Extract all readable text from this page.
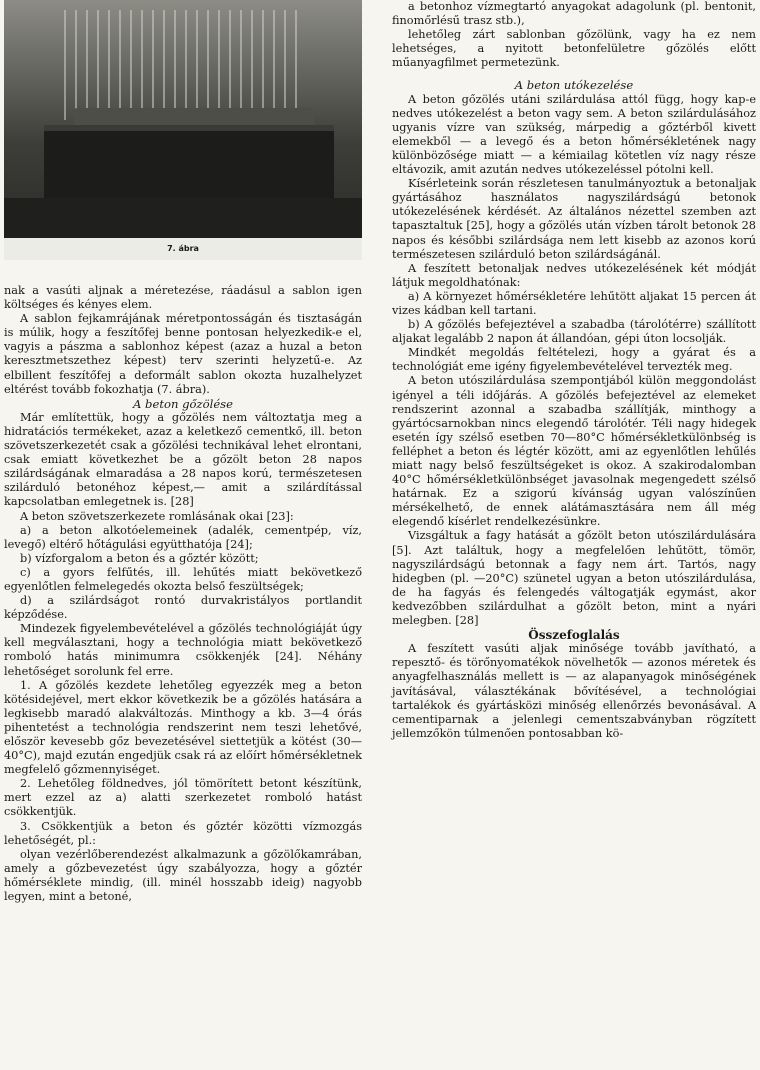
7. ábra

nak a vasúti aljnak a méretezése, ráadásul a sablon igen költséges és kényes elem.

A sablon fejkamrájának méretpontosságán és tisztaságán is múlik, hogy a feszítőfej benne pontosan helyezkedik-e el, vagyis a pászma a sablonhoz képest (azaz a huzal a beton keresztmetszethez képest) terv szerinti helyzetű-e. Az elbillent feszítőfej a deformált sablon okozta huzalhelyzet eltérést tovább fokozhatja (7. ábra).

A beton gőzölése

Már említettük, hogy a gőzölés nem változtatja meg a hidratációs termékeket, azaz a keletkező cementkő, ill. beton szövetszerkezetét csak a gőzölési technikával lehet elrontani, csak emiatt következhet be a gőzölt beton 28 napos szilárdságának elmaradása a 28 napos korú, természetesen szilárduló betonéhoz képest,— amit a szilárdítással kapcsolatban emlegetnek is. [28]

A beton szövetszerkezete romlásának okai [23]:

a) a beton alkotóelemeinek (adalék, cementpép, víz, levegő) eltérő hőtágulási együtthatója [24];

b) vízforgalom a beton és a gőztér között;

c) a gyors felfűtés, ill. lehűtés miatt bekövetkező egyenlőtlen felmelegedés okozta belső feszültségek;

d) a szilárdságot rontó durvakristályos portlandit képződése.

Mindezek figyelembevételével a gőzölés technológiáját úgy kell megválasztani, hogy a technológia miatt bekövetkező romboló hatás minimumra csökkenjék [24]. Néhány lehetőséget sorolunk fel erre.

1. A gőzölés kezdete lehetőleg egyezzék meg a beton kötésidejével, mert ekkor következik be a gőzölés hatására a legkisebb maradó alakváltozás. Minthogy a kb. 3—4 órás pihentetést a technológia rendszerint nem teszi lehetővé, először kevesebb gőz bevezetésével siettetjük a kötést (30—40°C), majd ezután engedjük csak rá az előírt hőmérsékletnek megfelelő gőzmennyiséget.

2. Lehetőleg földnedves, jól tömörített betont készítünk, mert ezzel az a) alatti szerkezetet romboló hatást csökkentjük.

3. Csökkentjük a beton és gőztér közötti vízmozgás lehetőségét, pl.:

olyan vezérlőberendezést alkalmazunk a gőzölőkamrában, amely a gőzbevezetést úgy szabályozza, hogy a gőztér hőmérséklete mindig, (ill. minél hosszabb ideig) nagyobb legyen, mint a betoné,

a betonhoz vízmegtartó anyagokat adagolunk (pl. bentonit, finomőrlésű trasz stb.),

lehetőleg zárt sablonban gőzölünk, vagy ha ez nem lehetséges, a nyitott betonfelületre gőzölés előtt műanyagfilmet permetezünk.

A beton utókezelése

A beton gőzölés utáni szilárdulása attól függ, hogy kap-e nedves utókezelést a beton vagy sem. A beton szilárdulásához ugyanis vízre van szükség, márpedig a gőztérből kivett elemekből — a levegő és a beton hőmérsékletének nagy különbözősége miatt — a kémiailag kötetlen víz nagy része eltávozik, amit azután nedves utókezeléssel pótolni kell.

Kísérleteink során részletesen tanulmányoztuk a betonaljak gyártásához használatos nagyszilárdságú betonok utókezelésének kérdését. Az általános nézettel szemben azt tapasztaltuk [25], hogy a gőzölés után vízben tárolt betonok 28 napos és későbbi szilárdsága nem lett kisebb az azonos korú természetesen szilárduló beton szilárdságánál.

A feszített betonaljak nedves utókezelésének két módját látjuk megoldhatónak:

a) A környezet hőmérsékletére lehűtött aljakat 15 percen át vizes kádban kell tartani.

b) A gőzölés befejeztével a szabadba (tárolótérre) szállított aljakat legalább 2 napon át állandóan, gépi úton locsolják.

Mindkét megoldás feltételezi, hogy a gyárat és a technológiát eme igény figyelembevételével tervezték meg.

A beton utószilárdulása szempontjából külön meggondolást igényel a téli időjárás. A gőzölés befejeztével az elemeket rendszerint azonnal a szabadba szállítják, minthogy a gyártócsarnokban nincs elegendő tárolótér. Téli nagy hidegek esetén így szélső esetben 70—80°C hőmérsékletkülönbség is felléphet a beton és légtér között, ami az egyenlőtlen lehűlés miatt nagy belső feszültségeket is okoz. A szakirodalomban 40°C hőmérsékletkülönbséget javasolnak megengedett szélső határnak. Ez a szigorú kívánság ugyan valószínűen mérsékelhető, de ennek alátámasztására nem áll még elegendő kísérlet rendelkezésünkre.

Vizsgáltuk a fagy hatását a gőzölt beton utószilárdulására [5]. Azt találtuk, hogy a megfelelően lehűtött, tömör, nagyszilárdságú betonnak a fagy nem árt. Tartós, nagy hidegben (pl. —20°C) szünetel ugyan a beton utószilárdulása, de ha fagyás és felengedés váltogatják egymást, akor kedvezőbben szilárdulhat a gőzölt beton, mint a nyári melegben. [28]

Összefoglalás

A feszített vasúti aljak minősége tovább javítható, a repesztő- és törőnyomatékok növelhetők — azonos méretek és anyagfelhasználás mellett is — az alapanyagok minőségének javításával, választékának bővítésével, a technológiai tartalékok és gyártásközi minőség ellenőrzés bevonásával. A cementiparnak a jelenlegi cementszabványban rögzített jellemzőkön túlmenően pontosabban kö-
